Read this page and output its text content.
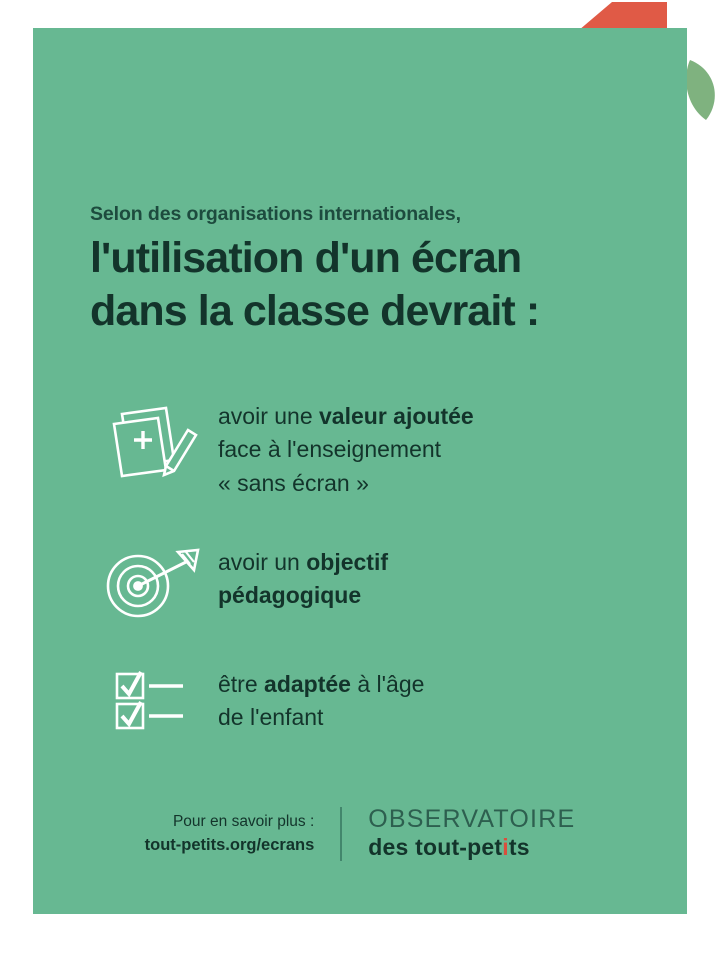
Selon des organisations internationales,

l'utilisation d'un écran
dans la classe devrait :
avoir une valeur ajoutée
face à l'enseignement
« sans écran »
avoir un objectif
pédagogique
être adaptée à l'âge
de l'enfant
Pour en savoir plus :
tout-petits.org/ecrans
OBSERVATOIRE
des tout-petits
